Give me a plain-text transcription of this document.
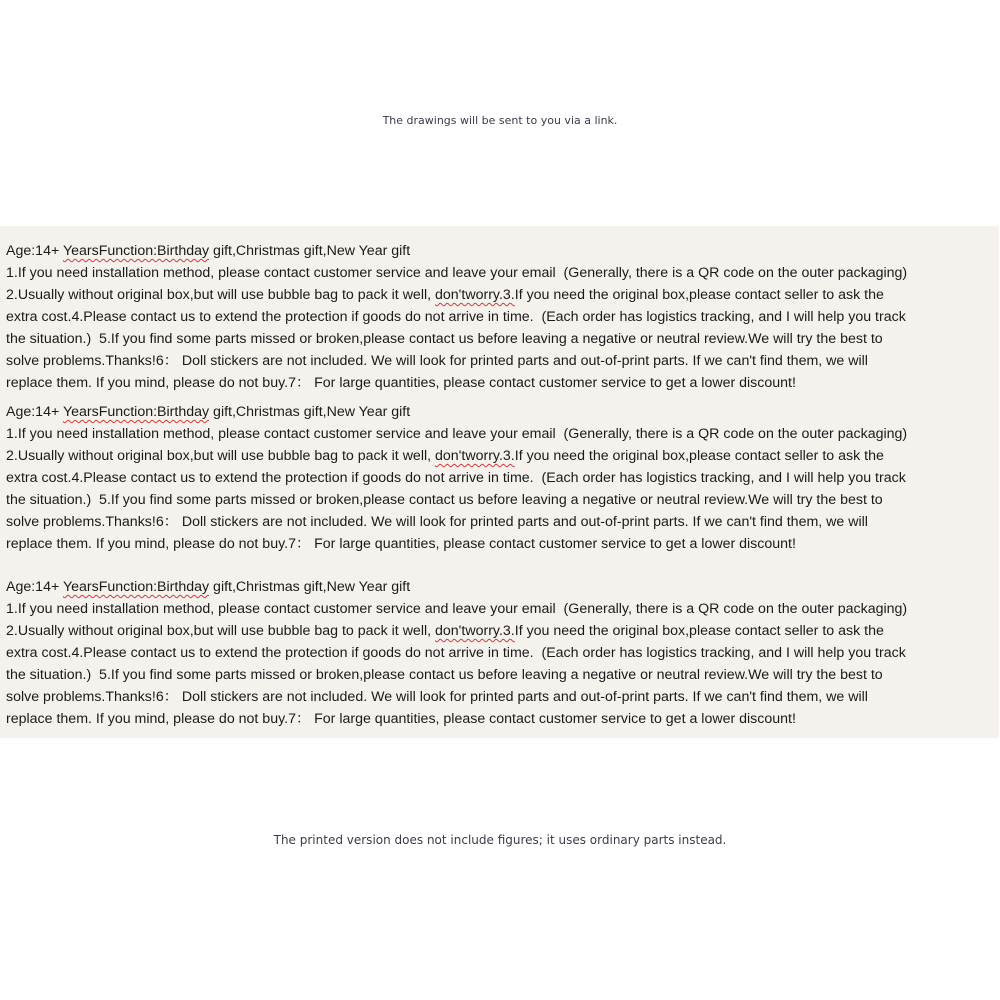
The drawings will be sent to you via a link.
Age:14+ YearsFunction:Birthday gift,Christmas gift,New Year gift
1.If you need installation method, please contact customer service and leave your email  (Generally, there is a QR code on the outer packaging)
2.Usually without original box,but will use bubble bag to pack it well, don'tworry.3.If you need the original box,please contact seller to ask the
extra cost.4.Please contact us to extend the protection if goods do not arrive in time.  (Each order has logistics tracking, and I will help you track
the situation.)  5.If you find some parts missed or broken,please contact us before leaving a negative or neutral review.We will try the best to
solve problems.Thanks!6： Doll stickers are not included. We will look for printed parts and out-of-print parts. If we can't find them, we will
replace them. If you mind, please do not buy.7： For large quantities, please contact customer service to get a lower discount!
Age:14+ YearsFunction:Birthday gift,Christmas gift,New Year gift
1.If you need installation method, please contact customer service and leave your email  (Generally, there is a QR code on the outer packaging)
2.Usually without original box,but will use bubble bag to pack it well, don'tworry.3.If you need the original box,please contact seller to ask the
extra cost.4.Please contact us to extend the protection if goods do not arrive in time.  (Each order has logistics tracking, and I will help you track
the situation.)  5.If you find some parts missed or broken,please contact us before leaving a negative or neutral review.We will try the best to
solve problems.Thanks!6： Doll stickers are not included. We will look for printed parts and out-of-print parts. If we can't find them, we will
replace them. If you mind, please do not buy.7： For large quantities, please contact customer service to get a lower discount!
Age:14+ YearsFunction:Birthday gift,Christmas gift,New Year gift
1.If you need installation method, please contact customer service and leave your email  (Generally, there is a QR code on the outer packaging)
2.Usually without original box,but will use bubble bag to pack it well, don'tworry.3.If you need the original box,please contact seller to ask the
extra cost.4.Please contact us to extend the protection if goods do not arrive in time.  (Each order has logistics tracking, and I will help you track
the situation.)  5.If you find some parts missed or broken,please contact us before leaving a negative or neutral review.We will try the best to
solve problems.Thanks!6： Doll stickers are not included. We will look for printed parts and out-of-print parts. If we can't find them, we will
replace them. If you mind, please do not buy.7： For large quantities, please contact customer service to get a lower discount!
The printed version does not include figures; it uses ordinary parts instead.
